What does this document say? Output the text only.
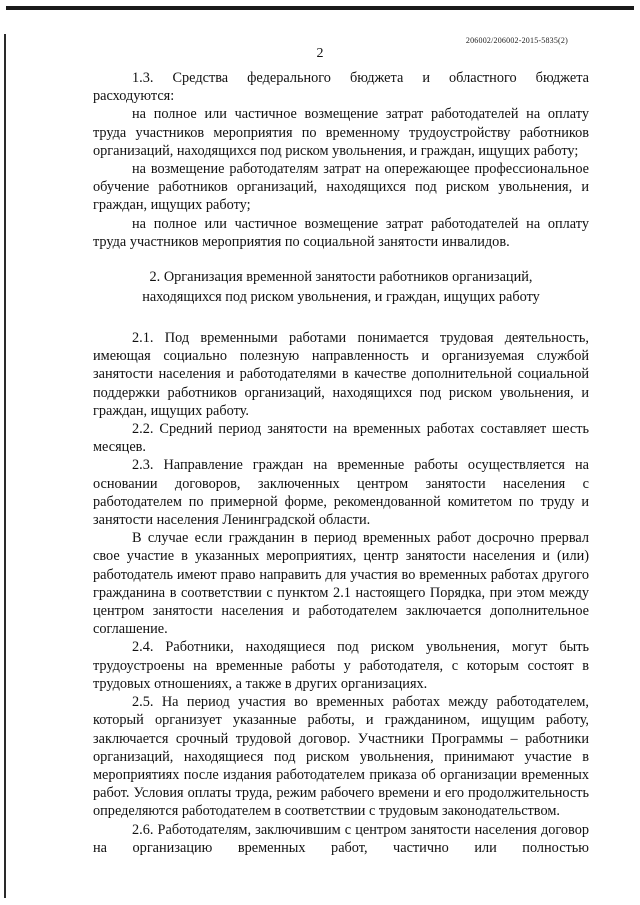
206002/206002-2015-5835(2)
2

1.3.    Средства    федерального    бюджета    и    областного    бюджета расходуются:

на полное или частичное возмещение затрат работодателей на оплату труда участников мероприятия по временному трудоустройству работников организаций, находящихся под риском увольнения, и граждан, ищущих работу;

на возмещение работодателям затрат на опережающее профессиональное обучение работников организаций, находящихся под риском увольнения, и граждан, ищущих работу;

на полное или частичное возмещение затрат работодателей на оплату труда участников мероприятия по социальной занятости инвалидов.

2. Организация временной занятости работников организаций,
находящихся под риском увольнения, и граждан, ищущих работу

2.1. Под временными работами понимается трудовая деятельность, имеющая социально полезную направленность и организуемая службой занятости населения и работодателями в качестве дополнительной социальной поддержки работников организаций, находящихся под риском увольнения, и граждан, ищущих работу.

2.2. Средний период занятости на временных работах составляет шесть месяцев.

2.3. Направление граждан на временные работы осуществляется на основании договоров, заключенных центром занятости населения с работодателем по примерной форме, рекомендованной комитетом по труду и занятости населения Ленинградской области.

В случае если гражданин в период временных работ досрочно прервал свое участие в указанных мероприятиях, центр занятости населения и (или) работодатель имеют право направить для участия во временных работах другого гражданина в соответствии с пунктом 2.1 настоящего Порядка, при этом между центром занятости населения и работодателем заключается дополнительное соглашение.

2.4. Работники, находящиеся под риском увольнения, могут быть трудоустроены на временные работы у работодателя, с которым состоят в трудовых отношениях, а также в других организациях.

2.5. На период участия во временных работах между работодателем, который организует указанные работы, и гражданином, ищущим работу, заключается срочный трудовой договор. Участники Программы – работники организаций, находящиеся под риском увольнения, принимают участие в мероприятиях после издания работодателем приказа об организации временных работ. Условия оплаты труда, режим рабочего времени и его продолжительность определяются работодателем в соответствии с трудовым законодательством.

2.6. Работодателям, заключившим с центром занятости населения договор на организацию временных работ, частично или полностью
